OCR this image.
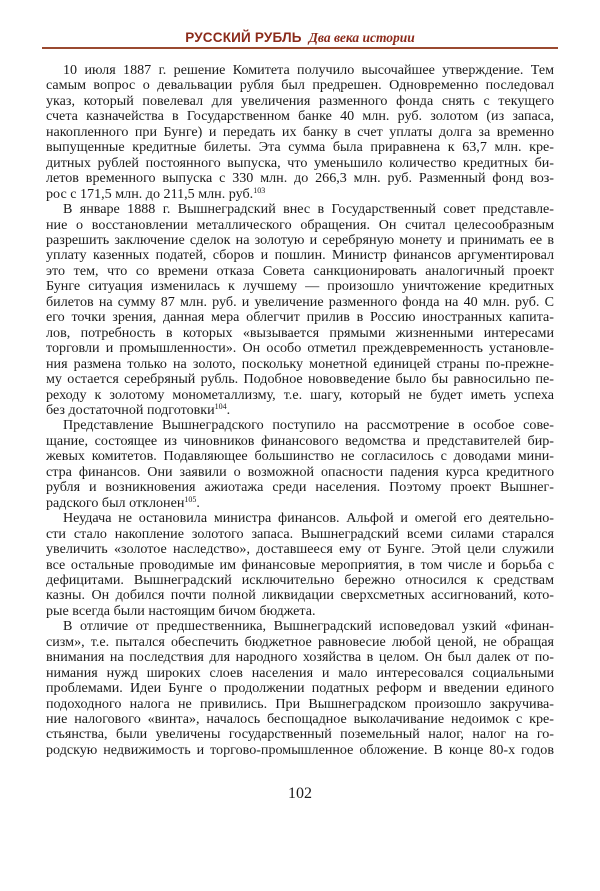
РУССКИЙ РУБЛЬ Два века истории

10 июля 1887 г. решение Комитета получило высочайшее утверждение. Тем
самым вопрос о девальвации рубля был предрешен. Одновременно последовал
указ, который повелевал для увеличения разменного фонда снять с текущего
счета казначейства в Государственном банке 40 млн. руб. золотом (из запаса,
накопленного при Бунге) и передать их банку в счет уплаты долга за временно
выпущенные кредитные билеты. Эта сумма была приравнена к 63,7 млн. кре-
дитных рублей постоянного выпуска, что уменьшило количество кредитных би-
летов временного выпуска с 330 млн. до 266,3 млн. руб. Разменный фонд воз-
рос с 171,5 млн. до 211,5 млн. руб.$^{103}$

В январе 1888 г. Вышнеградский внес в Государственный совет представле-
ние о восстановлении металлического обращения. Он считал целесообразным
разрешить заключение сделок на золотую и серебряную монету и принимать ее в
уплату казенных податей, сборов и пошлин. Министр финансов аргументировал
это тем, что со времени отказа Совета санкционировать аналогичный проект
Бунге ситуация изменилась к лучшему — произошло уничтожение кредитных
билетов на сумму 87 млн. руб. и увеличение разменного фонда на 40 млн. руб. С
его точки зрения, данная мера облегчит прилив в Россию иностранных капита-
лов, потребность в которых «вызывается прямыми жизненными интересами
торговли и промышленности». Он особо отметил преждевременность установле-
ния размена только на золото, поскольку монетной единицей страны по-прежне-
му остается серебряный рубль. Подобное нововведение было бы равносильно пе-
реходу к золотому монометаллизму, т.е. шагу, который не будет иметь успеха
без достаточной подготовки$^{104}$.

Представление Вышнеградского поступило на рассмотрение в особое сове-
щание, состоящее из чиновников финансового ведомства и представителей бир-
жевых комитетов. Подавляющее большинство не согласилось с доводами мини-
стра финансов. Они заявили о возможной опасности падения курса кредитного
рубля и возникновения ажиотажа среди населения. Поэтому проект Вышнег-
радского был отклонен$^{105}$.

Неудача не остановила министра финансов. Альфой и омегой его деятельно-
сти стало накопление золотого запаса. Вышнеградский всеми силами старался
увеличить «золотое наследство», доставшееся ему от Бунге. Этой цели служили
все остальные проводимые им финансовые мероприятия, в том числе и борьба с
дефицитами. Вышнеградский исключительно бережно относился к средствам
казны. Он добился почти полной ликвидации сверхсметных ассигнований, кото-
рые всегда были настоящим бичом бюджета.

В отличие от предшественника, Вышнеградский исповедовал узкий «финан-
сизм», т.е. пытался обеспечить бюджетное равновесие любой ценой, не обращая
внимания на последствия для народного хозяйства в целом. Он был далек от по-
нимания нужд широких слоев населения и мало интересовался социальными
проблемами. Идеи Бунге о продолжении податных реформ и введении единого
подоходного налога не привились. При Вышнеградском произошло закручива-
ние налогового «винта», началось беспощадное выколачивание недоимок с кре-
стьянства, были увеличены государственный поземельный налог, налог на го-
родскую недвижимость и торгово-промышленное обложение. В конце 80-х годов

102
